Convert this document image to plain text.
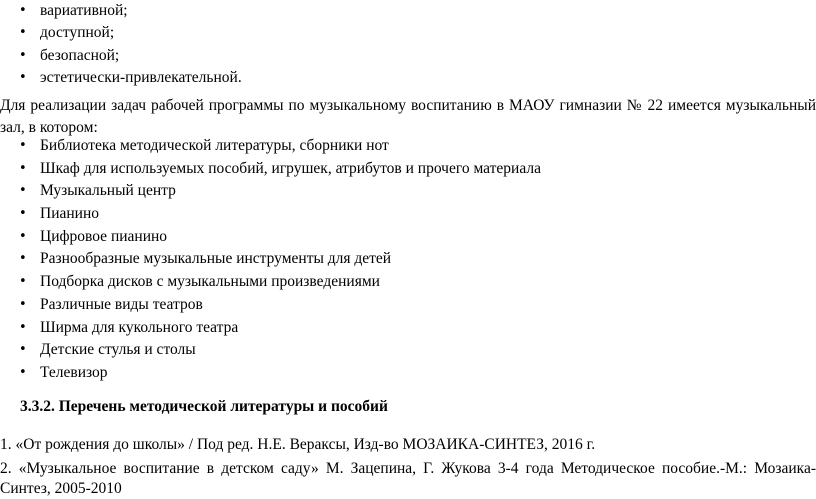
• вариативной;
• доступной;
• безопасной;
• эстетически-привлекательной.

Для реализации задач рабочей программы по музыкальному воспитанию в МАОУ гимназии № 22 имеется музыкальный зал, в котором:

• Библиотека методической литературы, сборники нот
• Шкаф для используемых пособий, игрушек, атрибутов и прочего материала
• Музыкальный центр
• Пианино
• Цифровое пианино
• Разнообразные музыкальные инструменты для детей
• Подборка дисков с музыкальными произведениями
• Различные виды театров
• Ширма для кукольного театра
• Детские стулья и столы
• Телевизор
3.3.2. Перечень методической литературы и пособий
1. «От рождения до школы» / Под ред. Н.Е. Вераксы, Изд-во МОЗАИКА-СИНТЕЗ, 2016 г.
2. «Музыкальное воспитание в детском саду» М. Зацепина, Г. Жукова 3-4 года Методическое пособие.-М.: Мозаика-Синтез, 2005-2010
